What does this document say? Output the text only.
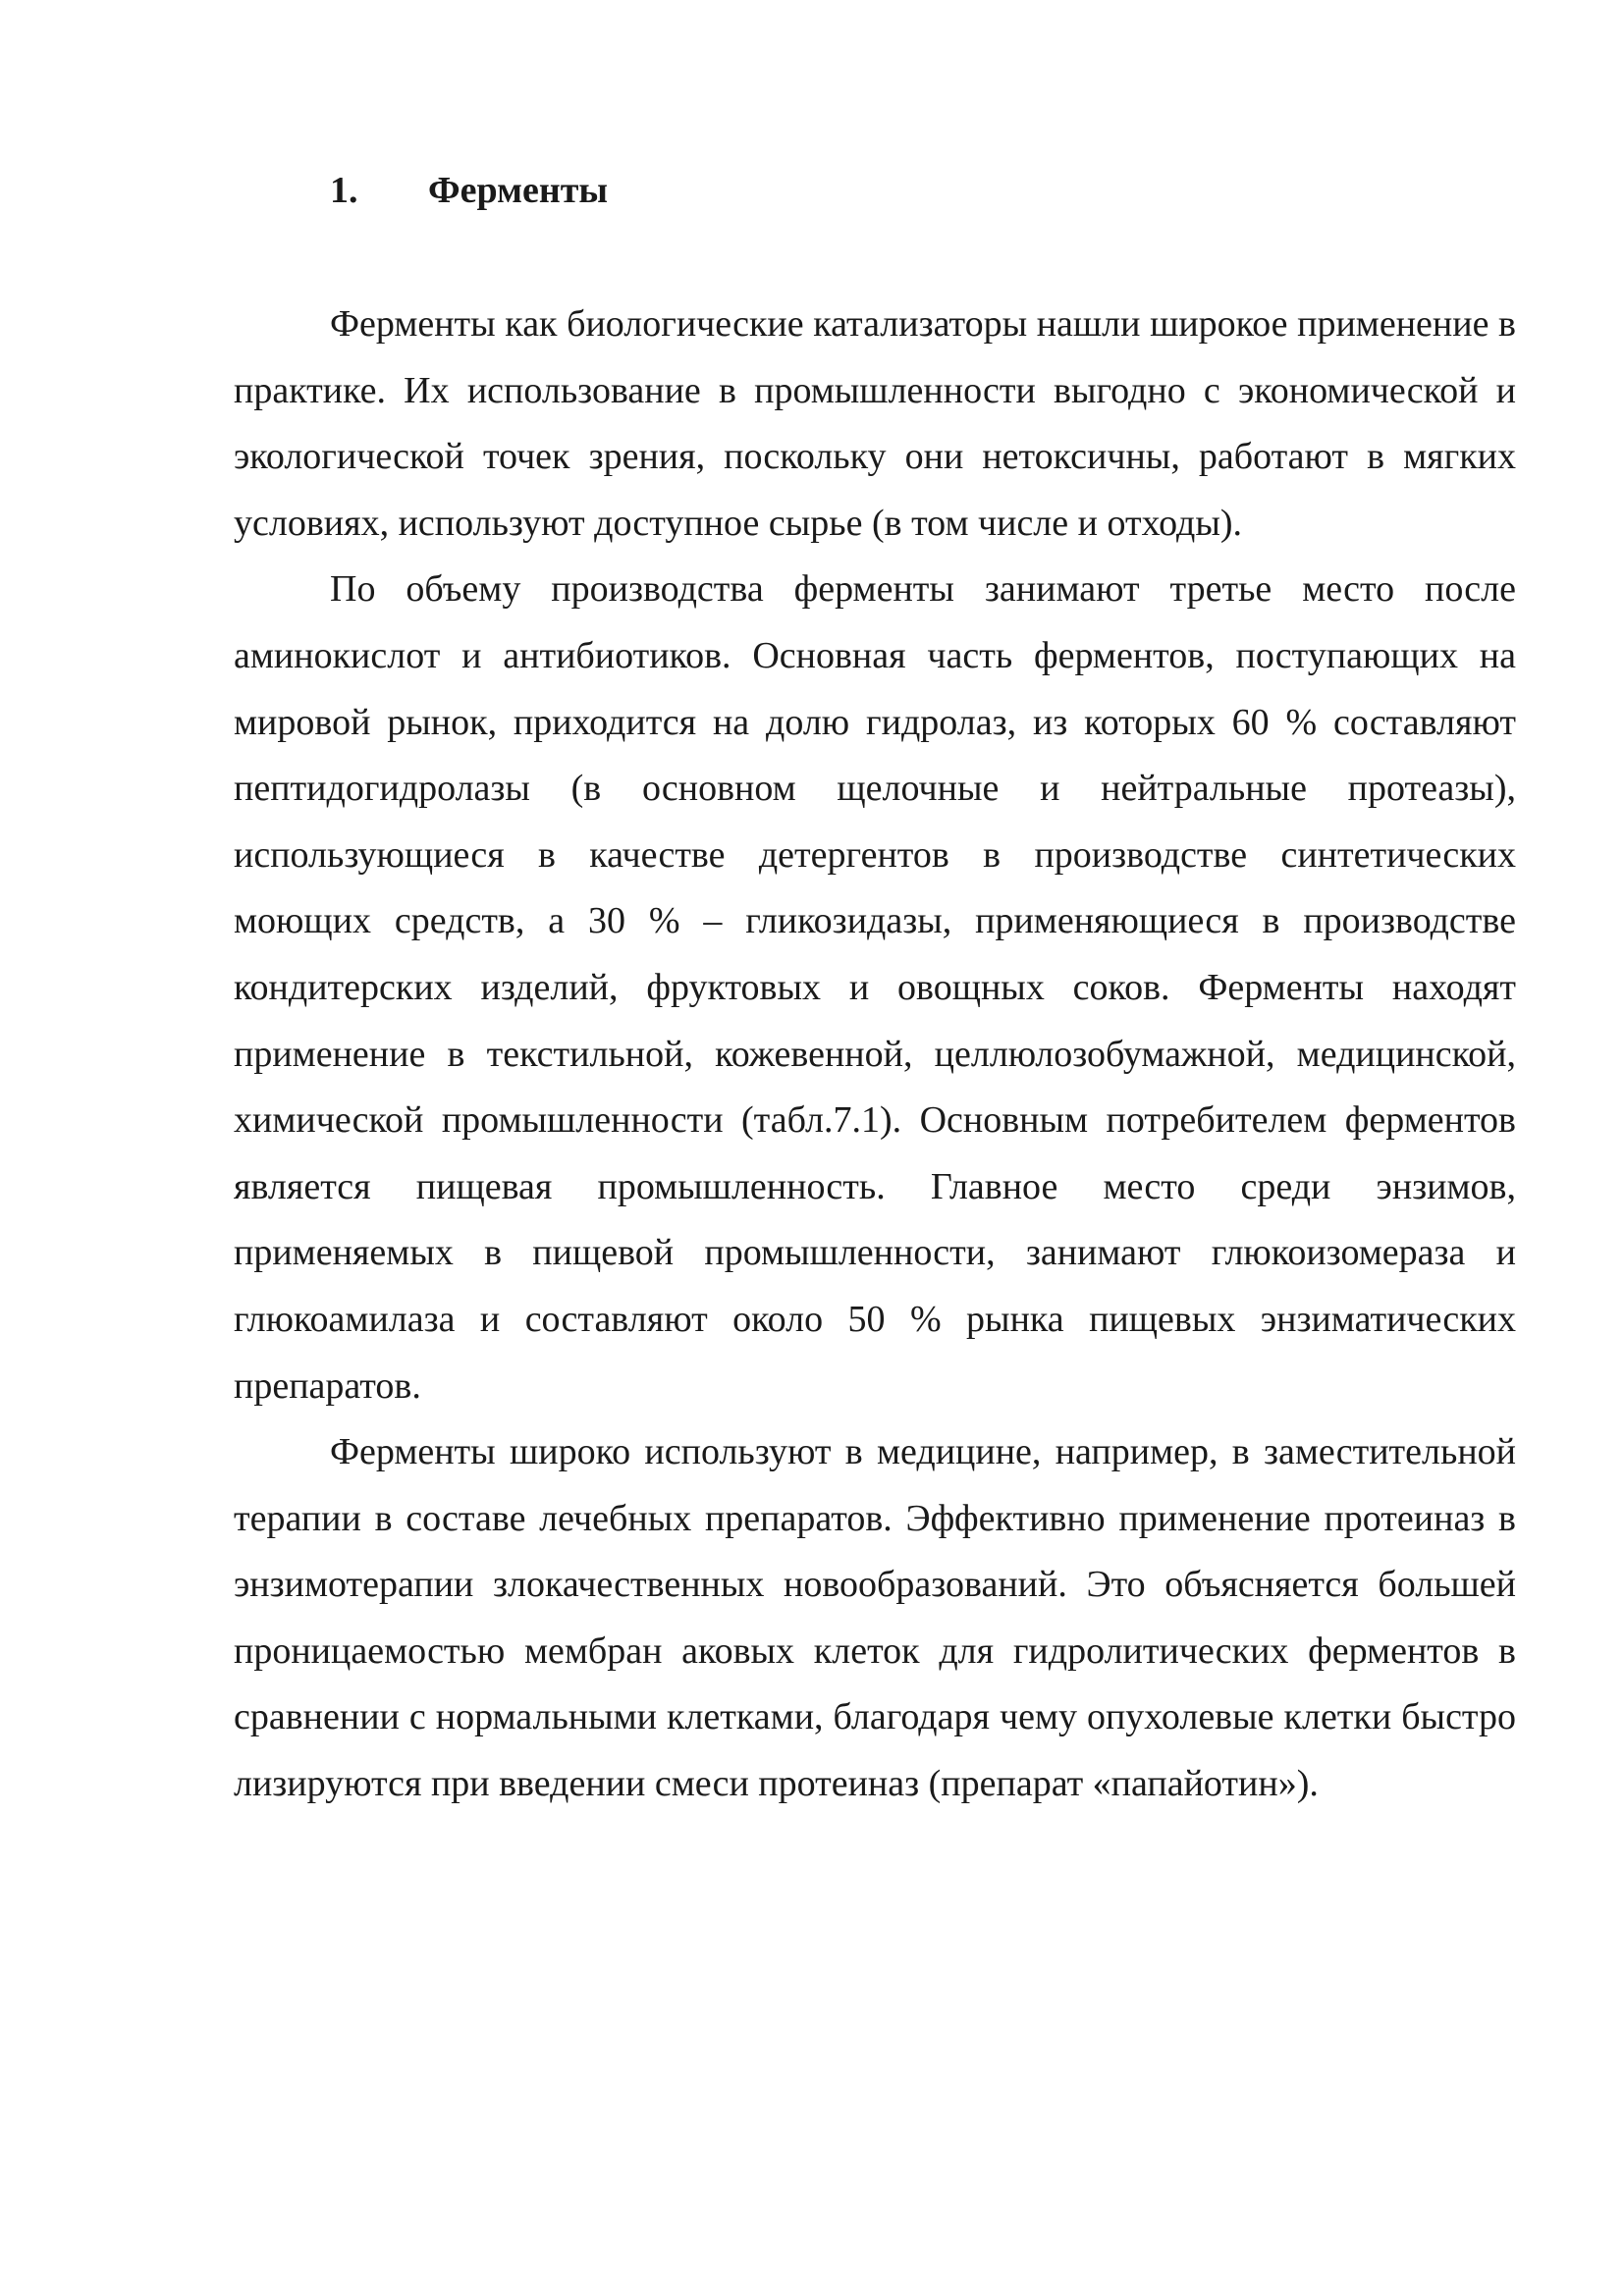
1. Ферменты

Ферменты как биологические катализаторы нашли широкое применение в практике. Их использование в промышленности выгодно с экономической и экологической точек зрения, поскольку они нетоксичны, работают в мягких условиях, используют доступное сырье (в том числе и отходы).

По объему производства ферменты занимают третье место после аминокислот и антибиотиков. Основная часть ферментов, поступающих на мировой рынок, приходится на долю гидролаз, из которых 60 % составляют пептидогидролазы (в основном щелочные и нейтральные протеазы), использующиеся в качестве детергентов в производстве синтетических моющих средств, а 30 % – гликозидазы, применяющиеся в производстве кондитерских изделий, фруктовых и овощных соков. Ферменты находят применение в текстильной, кожевенной, целлюлозобумажной, медицинской, химической промышленности (табл.7.1). Основным потребителем ферментов является пищевая промышленность. Главное место среди энзимов, применяемых в пищевой промышленности, занимают глюкоизомераза и глюкоамилаза и составляют около 50 % рынка пищевых энзиматических препаратов.

Ферменты широко используют в медицине, например, в заместительной терапии в составе лечебных препаратов. Эффективно применение протеиназ в энзимотерапии злокачественных новообразований. Это объясняется большей проницаемостью мембран аковых клеток для гидролитических ферментов в сравнении с нормальными клетками, благодаря чему опухолевые клетки быстро лизируются при введении смеси протеиназ (препарат «папайотин»).
